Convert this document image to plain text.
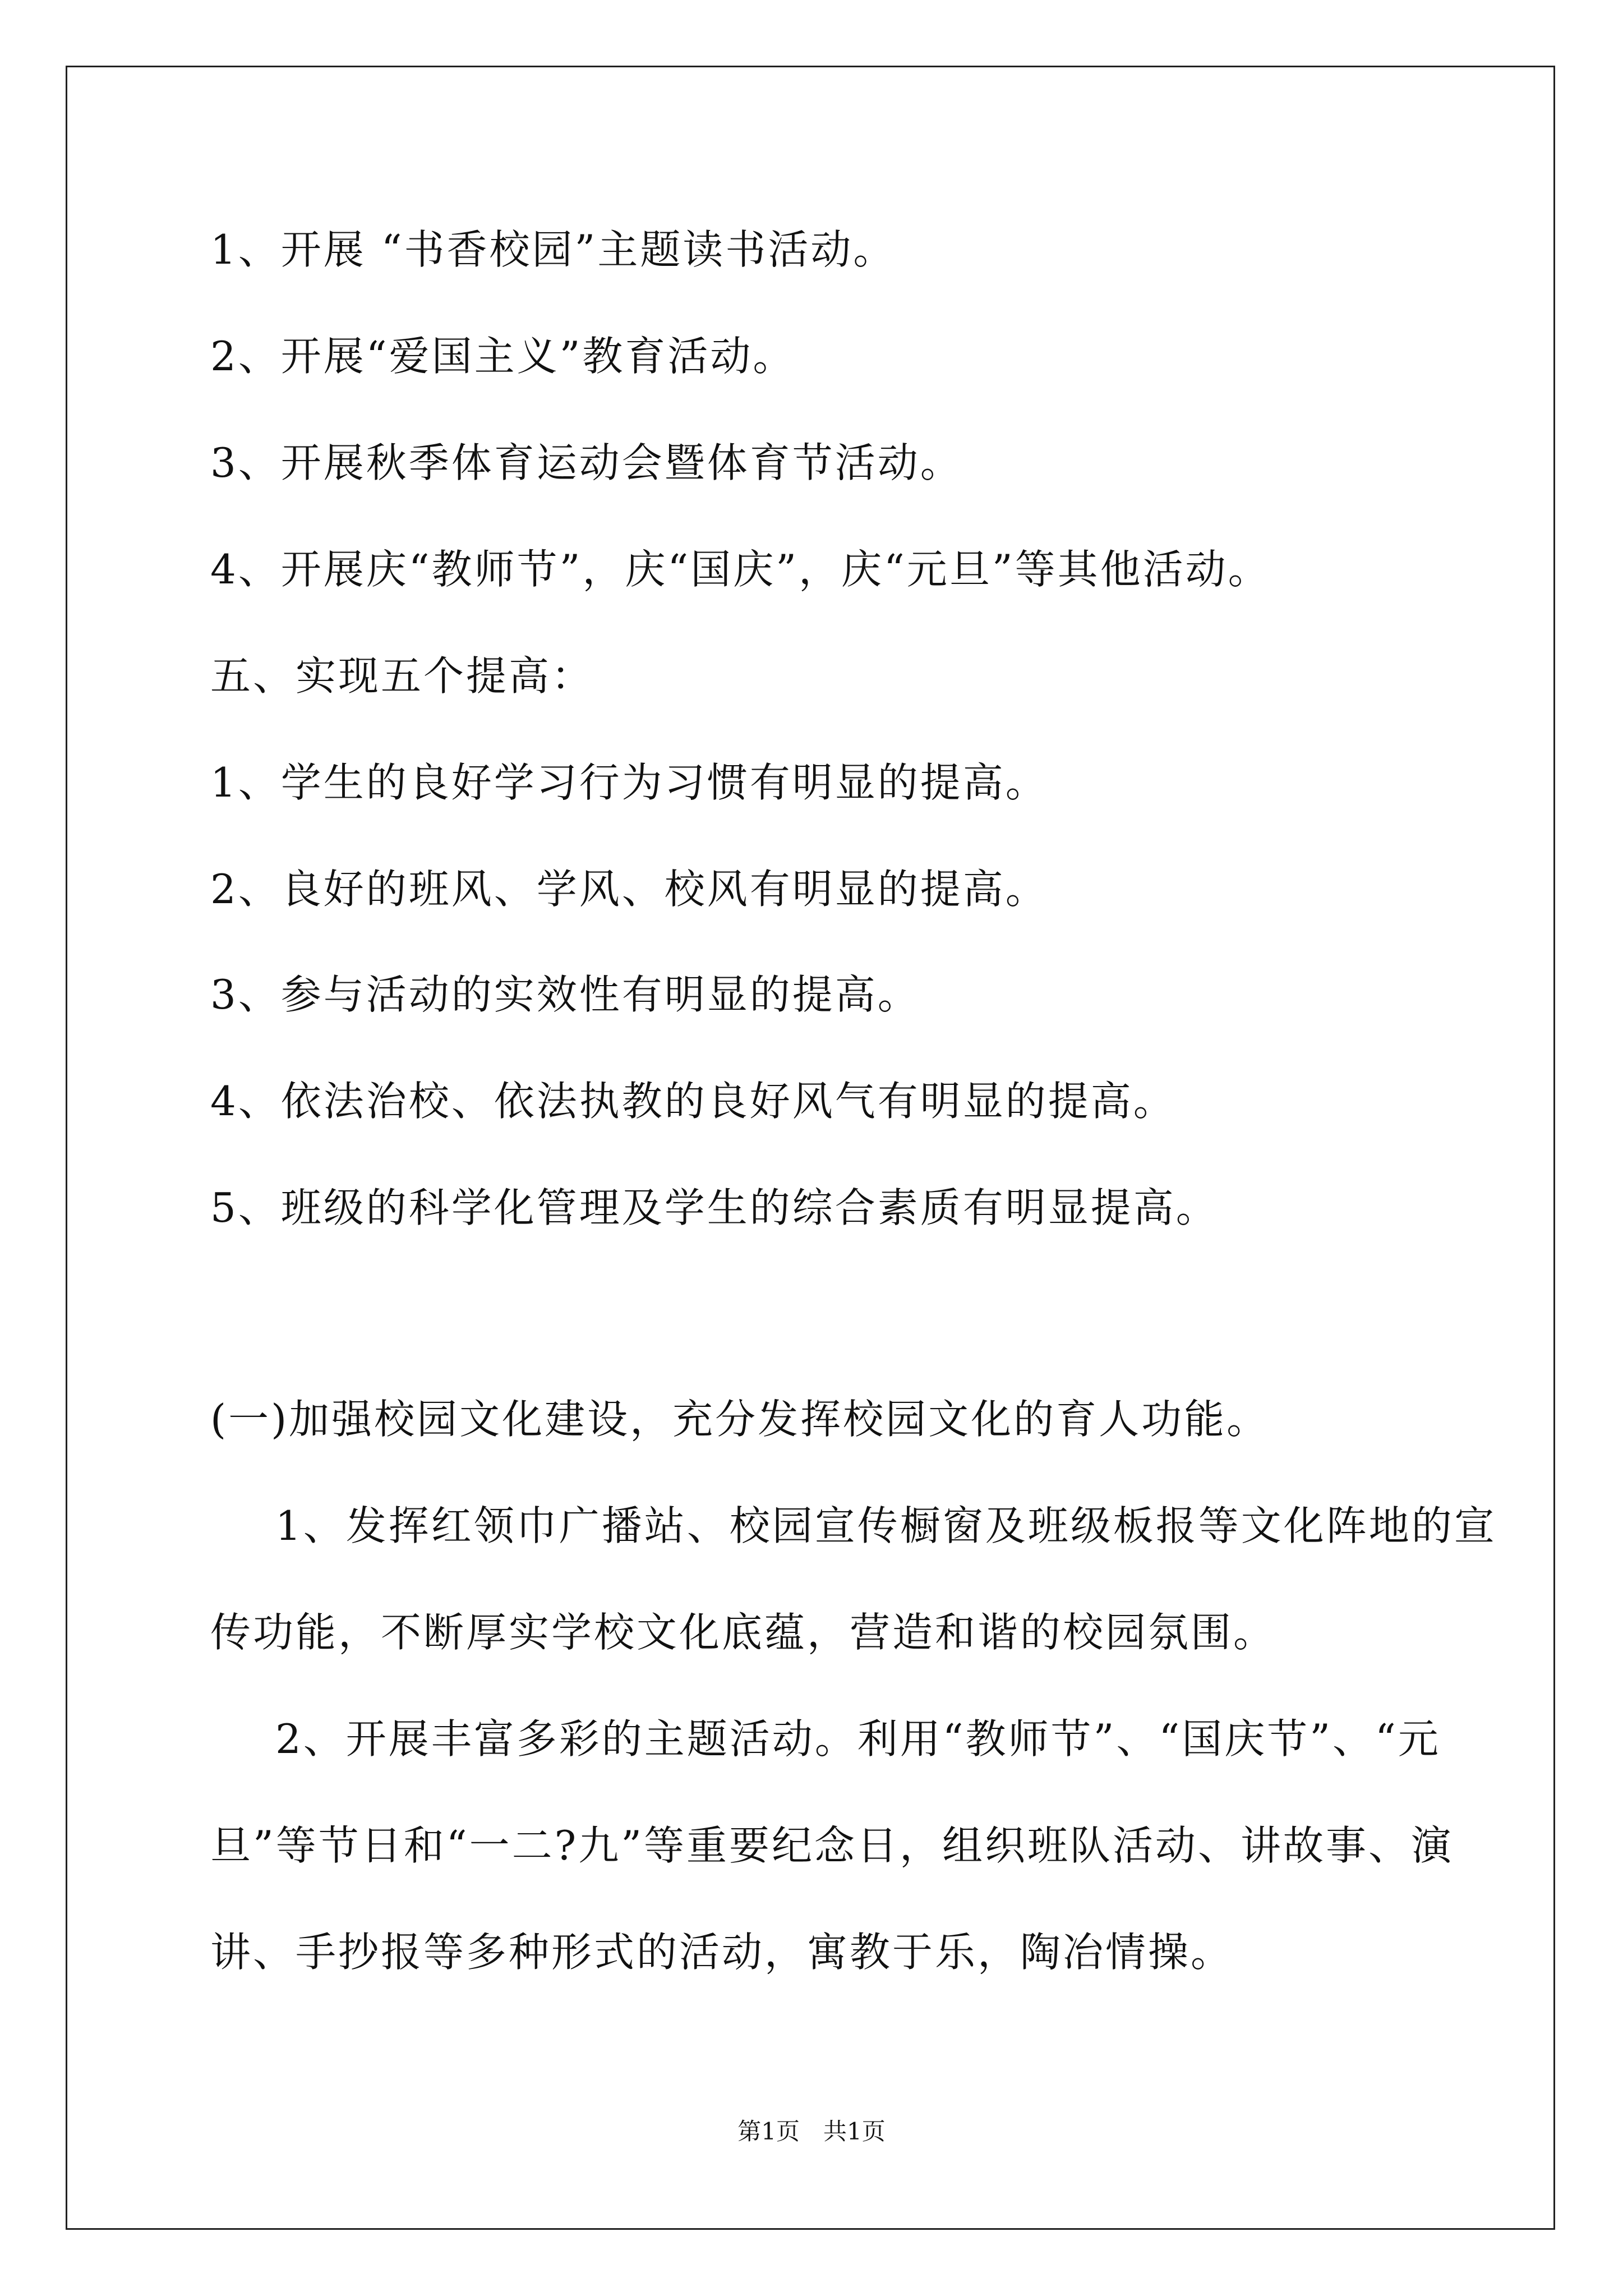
1、开展 “书香校园”主题读书活动。
2、开展“爱国主义”教育活动。
3、开展秋季体育运动会暨体育节活动。
4、开展庆“教师节”，庆“国庆”，庆“元旦”等其他活动。
五、实现五个提高：
1、学生的良好学习行为习惯有明显的提高。
2、良好的班风、学风、校风有明显的提高。
3、参与活动的实效性有明显的提高。
4、依法治校、依法执教的良好风气有明显的提高。
5、班级的科学化管理及学生的综合素质有明显提高。
(一)加强校园文化建设，充分发挥校园文化的育人功能。
1、发挥红领巾广播站、校园宣传橱窗及班级板报等文化阵地的宣
传功能，不断厚实学校文化底蕴，营造和谐的校园氛围。
2、开展丰富多彩的主题活动。利用“教师节”、“国庆节”、“元
旦”等节日和“一二?九”等重要纪念日，组织班队活动、讲故事、演
讲、手抄报等多种形式的活动，寓教于乐，陶冶情操。
第1页　共1页
